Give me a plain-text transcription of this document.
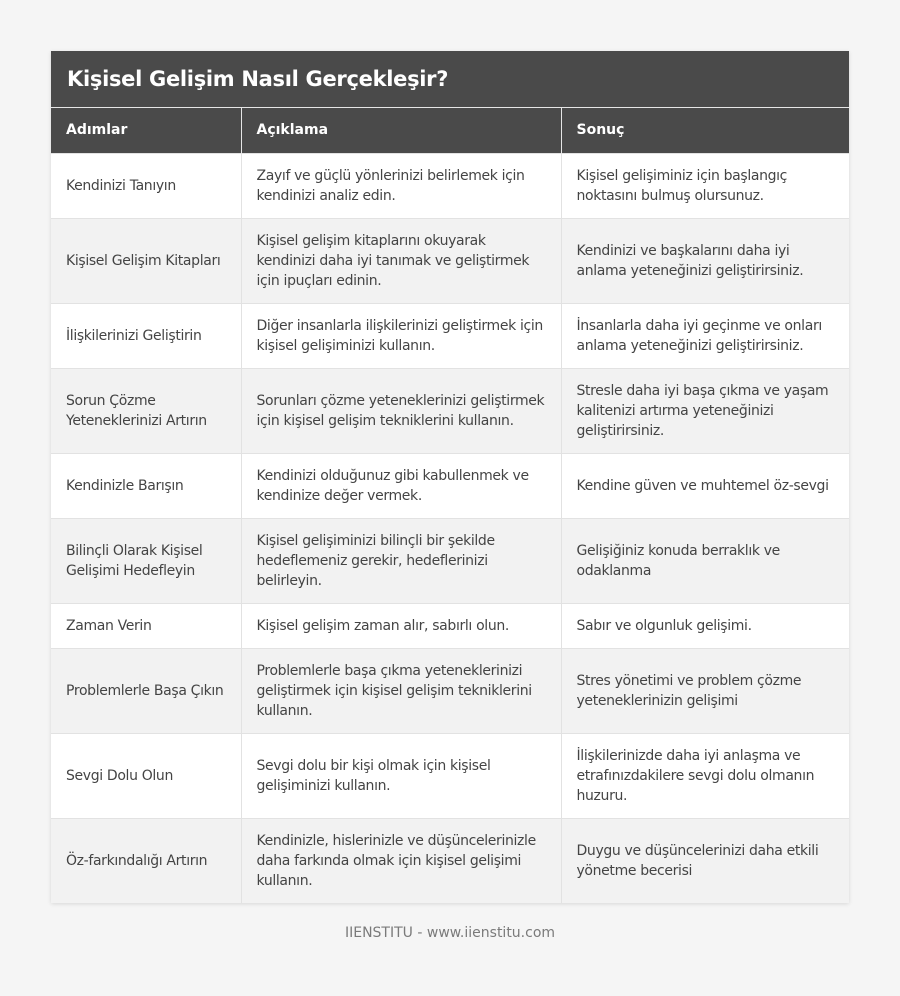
Kişisel Gelişim Nasıl Gerçekleşir?
Adımlar	Açıklama	Sonuç
Kendinizi Tanıyın	Zayıf ve güçlü yönlerinizi belirlemek için kendinizi analiz edin.	Kişisel gelişiminiz için başlangıç noktasını bulmuş olursunuz.
Kişisel Gelişim Kitapları	Kişisel gelişim kitaplarını okuyarak kendinizi daha iyi tanımak ve geliştirmek için ipuçları edinin.	Kendinizi ve başkalarını daha iyi anlama yeteneğinizi geliştirirsiniz.
İlişkilerinizi Geliştirin	Diğer insanlarla ilişkilerinizi geliştirmek için kişisel gelişiminizi kullanın.	İnsanlarla daha iyi geçinme ve onları anlama yeteneğinizi geliştirirsiniz.
Sorun Çözme Yeteneklerinizi Artırın	Sorunları çözme yeteneklerinizi geliştirmek için kişisel gelişim tekniklerini kullanın.	Stresle daha iyi başa çıkma ve yaşam kalitenizi artırma yeteneğinizi geliştirirsiniz.
Kendinizle Barışın	Kendinizi olduğunuz gibi kabullenmek ve kendinize değer vermek.	Kendine güven ve muhtemel öz-sevgi
Bilinçli Olarak Kişisel Gelişimi Hedefleyin	Kişisel gelişiminizi bilinçli bir şekilde hedeflemeniz gerekir, hedeflerinizi belirleyin.	Gelişiğiniz konuda berraklık ve odaklanma
Zaman Verin	Kişisel gelişim zaman alır, sabırlı olun.	Sabır ve olgunluk gelişimi.
Problemlerle Başa Çıkın	Problemlerle başa çıkma yeteneklerinizi geliştirmek için kişisel gelişim tekniklerini kullanın.	Stres yönetimi ve problem çözme yeteneklerinizin gelişimi
Sevgi Dolu Olun	Sevgi dolu bir kişi olmak için kişisel gelişiminizi kullanın.	İlişkilerinizde daha iyi anlaşma ve etrafınızdakilere sevgi dolu olmanın huzuru.
Öz-farkındalığı Artırın	Kendinizle, hislerinizle ve düşüncelerinizle daha farkında olmak için kişisel gelişimi kullanın.	Duygu ve düşüncelerinizi daha etkili yönetme becerisi
IIENSTITU - www.iienstitu.com
